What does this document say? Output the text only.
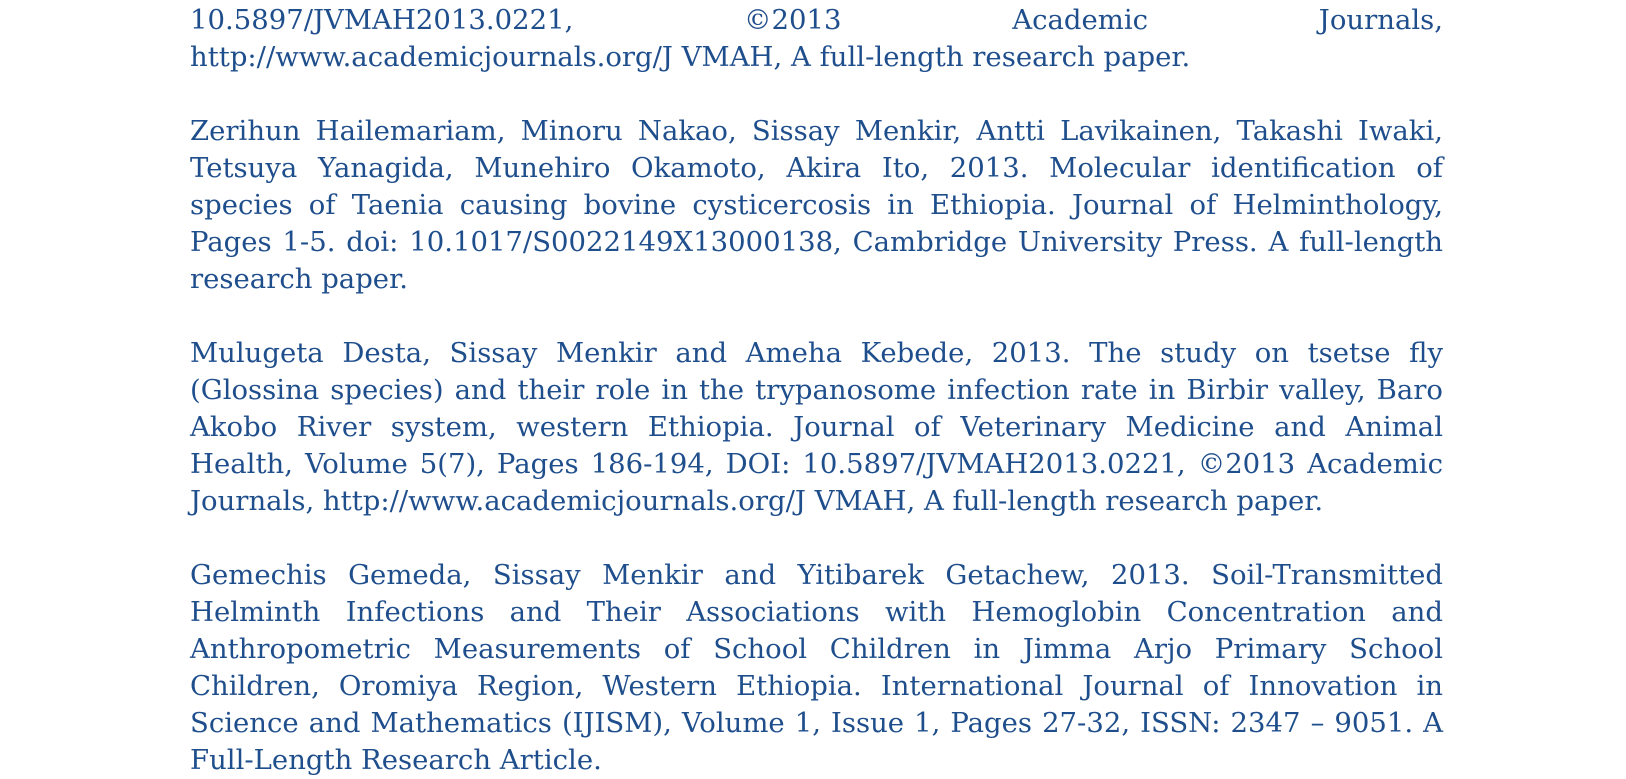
10.5897/JVMAH2013.0221, ©2013 Academic Journals, http://www.academicjournals.org/J VMAH, A full-length research paper.

Zerihun Hailemariam, Minoru Nakao, Sissay Menkir, Antti Lavikainen, Takashi Iwaki, Tetsuya Yanagida, Munehiro Okamoto, Akira Ito, 2013. Molecular identification of species of Taenia causing bovine cysticercosis in Ethiopia. Journal of Helminthology, Pages 1-5. doi: 10.1017/S0022149X13000138, Cambridge University Press. A full-length research paper.

Mulugeta Desta, Sissay Menkir and Ameha Kebede, 2013. The study on tsetse fly (Glossina species) and their role in the trypanosome infection rate in Birbir valley, Baro Akobo River system, western Ethiopia. Journal of Veterinary Medicine and Animal Health, Volume 5(7), Pages 186-194, DOI: 10.5897/JVMAH2013.0221, ©2013 Academic Journals, http://www.academicjournals.org/J VMAH, A full-length research paper.

Gemechis Gemeda, Sissay Menkir and Yitibarek Getachew, 2013. Soil-Transmitted Helminth Infections and Their Associations with Hemoglobin Concentration and Anthropometric Measurements of School Children in Jimma Arjo Primary School Children, Oromiya Region, Western Ethiopia. International Journal of Innovation in Science and Mathematics (IJISM), Volume 1, Issue 1, Pages 27-32, ISSN: 2347 – 9051. A Full-Length Research Article.
